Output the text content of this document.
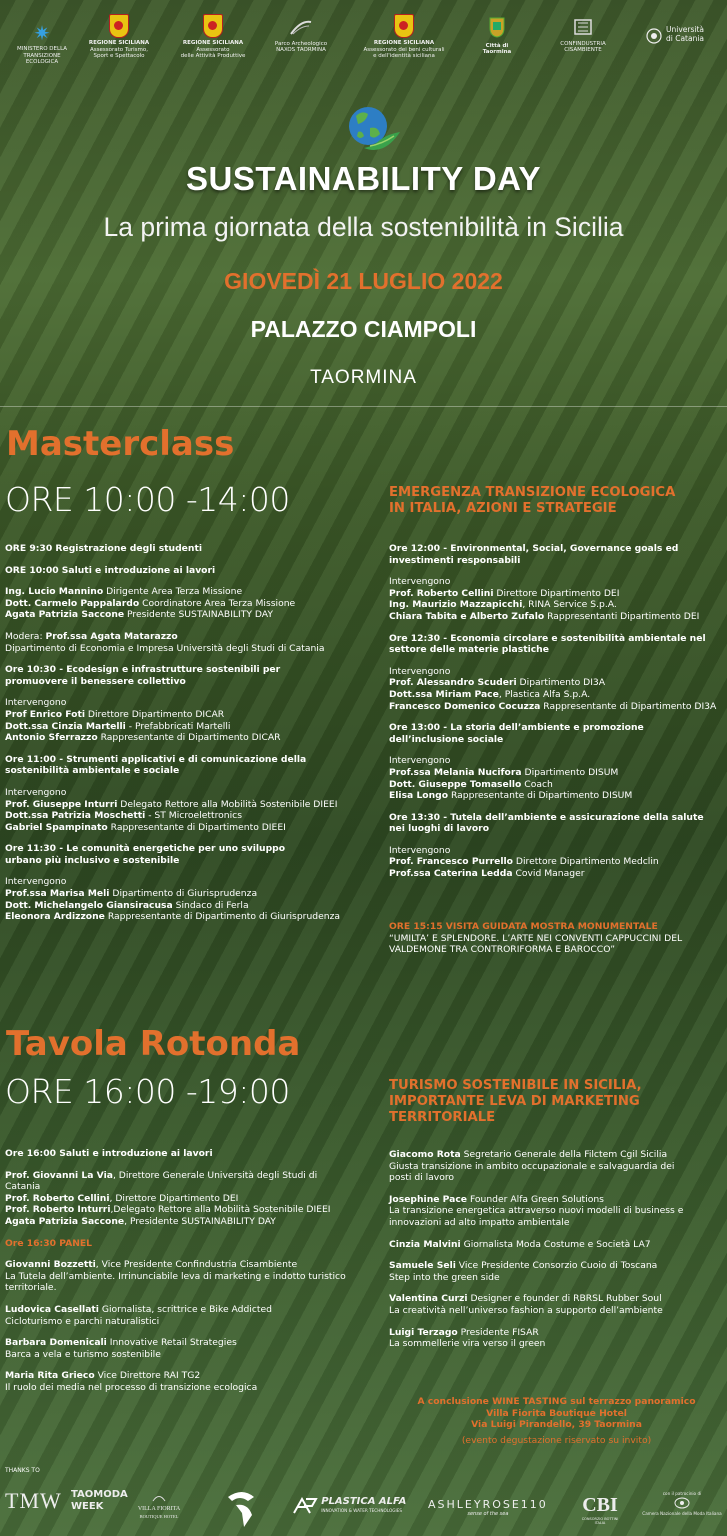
✷
MINISTERO DELLA TRANSIZIONE ECOLOGICA
REGIONE SICILIANA
Assessorato Turismo,
Sport e Spettacolo
REGIONE SICILIANA
Assessorato
delle Attività Produttive
Parco Archeologico
NAXOS TAORMINA
REGIONE SICILIANA
Assessorato dei beni culturali
e dell'identità siciliana
Città di Taormina
CONFINDUSTRIA
CISAMBIENTE
Università
di Catania
SUSTAINABILITY DAY
La prima giornata della sostenibilità in Sicilia
GIOVEDÌ 21 LUGLIO 2022
PALAZZO CIAMPOLI
TAORMINA
Masterclass
ORE 10:00 -14:00
ORE 9:30 Registrazione degli studenti
ORE 10:00 Saluti e introduzione ai lavori
Ing. Lucio Mannino Dirigente Area Terza Missione
Dott. Carmelo Pappalardo Coordinatore Area Terza Missione
Agata Patrizia Saccone Presidente SUSTAINABILITY DAY
Modera: Prof.ssa Agata Matarazzo
Dipartimento di Economia e Impresa Università degli Studi di Catania
Ore 10:30 - Ecodesign e infrastrutture sostenibili per
promuovere il benessere collettivo
Intervengono
Prof Enrico Foti Direttore Dipartimento DICAR
Dott.ssa Cinzia Martelli - Prefabbricati Martelli
Antonio Sferrazzo Rappresentante di Dipartimento DICAR
Ore 11:00 - Strumenti applicativi e di comunicazione della
sostenibilità ambientale e sociale
Intervengono
Prof. Giuseppe Inturri Delegato Rettore alla Mobilità Sostenibile DIEEI
Dott.ssa Patrizia Moschetti - ST Microelettronics
Gabriel Spampinato Rappresentante di Dipartimento DIEEI
Ore 11:30 - Le comunità energetiche per uno sviluppo
urbano più inclusivo e sostenibile
Intervengono
Prof.ssa Marisa Meli Dipartimento di Giurisprudenza
Dott. Michelangelo Giansiracusa Sindaco di Ferla
Eleonora Ardizzone Rappresentante di Dipartimento di Giurisprudenza
EMERGENZA TRANSIZIONE ECOLOGICA
IN ITALIA, AZIONI E STRATEGIE
Ore 12:00 - Environmental, Social, Governance goals ed
investimenti responsabili
Intervengono
Prof. Roberto Cellini Direttore Dipartimento DEI
Ing. Maurizio Mazzapicchi, RINA Service S.p.A.
Chiara Tabita e Alberto Zufalo Rappresentanti Dipartimento DEI
Ore 12:30 - Economia circolare e sostenibilità ambientale nel
settore delle materie plastiche
Intervengono
Prof. Alessandro Scuderi Dipartimento DI3A
Dott.ssa Miriam Pace, Plastica Alfa S.p.A.
Francesco Domenico Cocuzza Rappresentante di Dipartimento DI3A
Ore 13:00 - La storia dell’ambiente e promozione
dell’inclusione sociale
Intervengono
Prof.ssa Melania Nucifora Dipartimento DISUM
Dott. Giuseppe Tomasello Coach
Elisa Longo Rappresentante di Dipartimento DISUM
Ore 13:30 - Tutela dell’ambiente e assicurazione della salute
nei luoghi di lavoro
Intervengono
Prof. Francesco Purrello Direttore Dipartimento Medclin
Prof.ssa Caterina Ledda Covid Manager
ORE 15:15 VISITA GUIDATA MOSTRA MONUMENTALE
“UMILTA’ E SPLENDORE. L’ARTE NEI CONVENTI CAPPUCCINI DEL
VALDEMONE TRA CONTRORIFORMA E BAROCCO”
Tavola Rotonda
ORE 16:00 -19:00
Ore 16:00 Saluti e introduzione ai lavori
Prof. Giovanni La Via, Direttore Generale Università degli Studi di
Catania
Prof. Roberto Cellini, Direttore Dipartimento DEI
Prof. Roberto Inturri,Delegato Rettore alla Mobilità Sostenibile DIEEI
Agata Patrizia Saccone, Presidente SUSTAINABILITY DAY
Ore 16:30 PANEL
Giovanni Bozzetti, Vice Presidente Confindustria Cisambiente
La Tutela dell’ambiente. Irrinunciabile leva di marketing e indotto turistico
territoriale.
Ludovica Casellati Giornalista, scrittrice e Bike Addicted
Cicloturismo e parchi naturalistici
Barbara Domenicali Innovative Retail Strategies
Barca a vela e turismo sostenibile
Maria Rita Grieco Vice Direttore RAI TG2
Il ruolo dei media nel processo di transizione ecologica
TURISMO SOSTENIBILE IN SICILIA,
IMPORTANTE LEVA DI MARKETING
TERRITORIALE
Giacomo Rota Segretario Generale della Filctem Cgil Sicilia
Giusta transizione in ambito occupazionale e salvaguardia dei
posti di lavoro
Josephine Pace Founder Alfa Green Solutions
La transizione energetica attraverso nuovi modelli di business e
innovazioni ad alto impatto ambientale
Cinzia Malvini Giornalista Moda Costume e Società LA7
Samuele Seli Vice Presidente Consorzio Cuoio di Toscana
Step into the green side
Valentina Curzi Designer e founder di RBRSL Rubber Soul
La creatività nell’universo fashion a supporto dell’ambiente
Luigi Terzago Presidente FISAR
La sommellerie vira verso il green
A conclusione WINE TASTING sul terrazzo panoramico
Villa Fiorita Boutique Hotel
Via Luigi Pirandello, 39 Taormina
(evento degustazione riservato su invito)
THANKS TO
TMW TAOMODA
WEEK	VILLA FIORITA
BOUTIQUE HOTEL

PLASTICA ALFA
INNOVATION & WATER TECHNOLOGIES	ASHLEYROSE110
sense of the sea	CBI
CONSORZIO BOTTINI ITALIA
con il patrocinio di
Camera Nazionale della Moda Italiana
